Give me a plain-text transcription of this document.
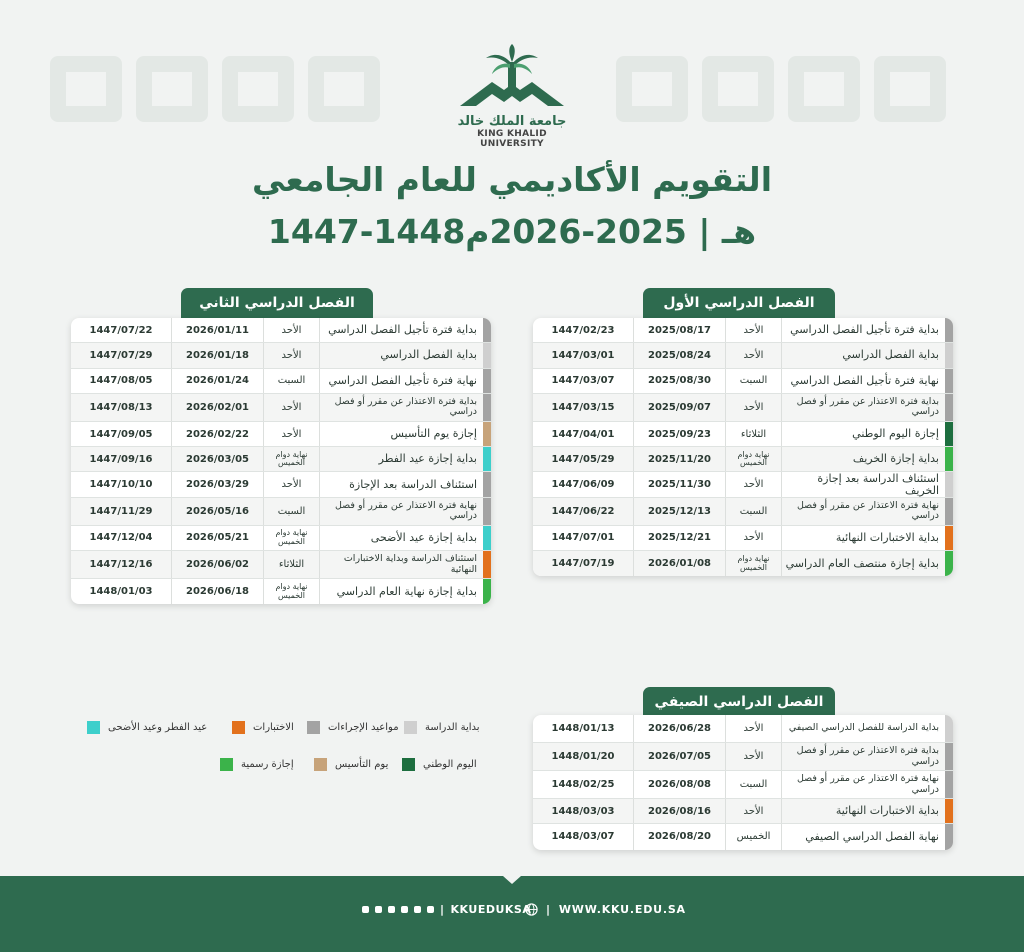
جامعة الملك خالد
KING KHALID UNIVERSITY
التقويم الأكاديمي للعام الجامعي
1447-1448هـ | 2025-2026م
الفصل الدراسي الأول
بداية فترة تأجيل الفصل الدراسي
الأحد
2025/08/17
1447/02/23
بداية الفصل الدراسي
الأحد
2025/08/24
1447/03/01
نهاية فترة تأجيل الفصل الدراسي
السبت
2025/08/30
1447/03/07
بداية فترة الاعتذار عن مقرر أو فصل دراسي
الأحد
2025/09/07
1447/03/15
إجازة اليوم الوطني
الثلاثاء
2025/09/23
1447/04/01
بداية إجازة الخريف
نهاية دوام الخميس
2025/11/20
1447/05/29
استئناف الدراسة بعد إجازة الخريف
الأحد
2025/11/30
1447/06/09
نهاية فترة الاعتذار عن مقرر أو فصل دراسي
السبت
2025/12/13
1447/06/22
بداية الاختبارات النهائية
الأحد
2025/12/21
1447/07/01
بداية إجازة منتصف العام الدراسي
نهاية دوام الخميس
2026/01/08
1447/07/19
الفصل الدراسي الثاني
بداية فترة تأجيل الفصل الدراسي
الأحد
2026/01/11
1447/07/22
بداية الفصل الدراسي
الأحد
2026/01/18
1447/07/29
نهاية فترة تأجيل الفصل الدراسي
السبت
2026/01/24
1447/08/05
بداية فترة الاعتذار عن مقرر أو فصل دراسي
الأحد
2026/02/01
1447/08/13
إجازة يوم التأسيس
الأحد
2026/02/22
1447/09/05
بداية إجازة عيد الفطر
نهاية دوام الخميس
2026/03/05
1447/09/16
استئناف الدراسة بعد الإجازة
الأحد
2026/03/29
1447/10/10
نهاية فترة الاعتذار عن مقرر أو فصل دراسي
السبت
2026/05/16
1447/11/29
بداية إجازة عيد الأضحى
نهاية دوام الخميس
2026/05/21
1447/12/04
استئناف الدراسة وبداية الاختبارات النهائية
الثلاثاء
2026/06/02
1447/12/16
بداية إجازة نهاية العام الدراسي
نهاية دوام الخميس
2026/06/18
1448/01/03
الفصل الدراسي الصيفي
بداية الدراسة للفصل الدراسي الصيفي
الأحد
2026/06/28
1448/01/13
بداية فترة الاعتذار عن مقرر أو فصل دراسي
الأحد
2026/07/05
1448/01/20
نهاية فترة الاعتذار عن مقرر أو فصل دراسي
السبت
2026/08/08
1448/02/25
بداية الاختبارات النهائية
الأحد
2026/08/16
1448/03/03
نهاية الفصل الدراسي الصيفي
الخميس
2026/08/20
1448/03/07
بداية الدراسة
مواعيد الإجراءات
الاختبارات
عيد الفطر وعيد الأضحى
اليوم الوطني
يوم التأسيس
إجازة رسمية
| KKUEDUKSA | WWW.KKU.EDU.SA
